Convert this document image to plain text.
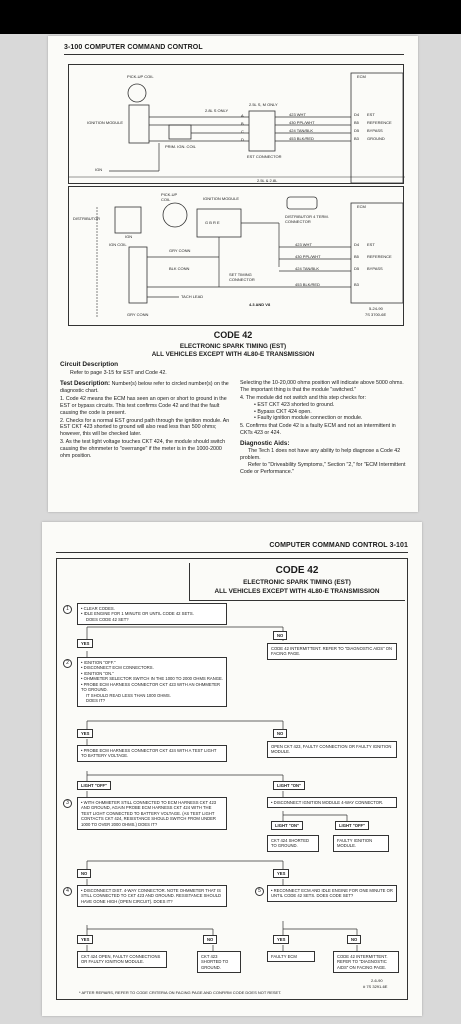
3-100 COMPUTER COMMAND CONTROL
PICK-UP COIL	ECM
2.5L S, M ONLY
2.8L S ONLY
IGNITION MODULE
PRIM. IGN. COIL
IGN
EST CONNECTOR
A
B
C
D
423 WHT
430 PPL/WHT
424 TAN/BLK
453 BLK/RED
D4
B5
D5
B3
EST
REFERENCE
BYPASS
GROUND
2.5L & 2.8L
DISTRIBUTOR
PICK-UP COIL	IGNITION MODULE
G B R E
IGN
IGN COIL
GRY CONN
BLK CONN
TACH LEAD
GRY CONN
SET TIMING CONNECTOR
DISTRIBUTOR 4 TERM. CONNECTOR
ECM
423 WHT
430 PPL/WHT
424 TAN/BLK
453 BLK/RED
D4
B5
D5
B3
EST
REFERENCE
BYPASS
4.3 AND V8
5-24-90
7S 3700-6E
CODE 42
ELECTRONIC SPARK TIMING (EST)
ALL VEHICLES EXCEPT WITH 4L80-E TRANSMISSION
Circuit Description
Refer to page 3-15 for EST and Code 42.
Test Description: Number(s) below refer to circled number(s) on the diagnostic chart.
1. Code 42 means the ECM has seen an open or short to ground in the EST or bypass circuits. This test confirms Code 42 and that the fault causing the code is present.
2. Checks for a normal EST ground path through the ignition module. An EST CKT 423 shorted to ground will also read less than 500 ohms; however, this will be checked later.
3. As the test light voltage touches CKT 424, the module should switch causing the ohmmeter to "overrange" if the meter is in the 1000-2000 ohm position.
Selecting the 10-20,000 ohms position will indicate above 5000 ohms. The important thing is that the module "switched."
4. The module did not switch and this step checks for:
• EST CKT 423 shorted to ground.
• Bypass CKT 424 open.
• Faulty ignition module connection or module.
5. Confirms that Code 42 is a faulty ECM and not an intermittent in CKTs 423 or 424.
Diagnostic Aids:
The Tech 1 does not have any ability to help diagnose a Code 42 problem.
Refer to "Driveability Symptoms," Section "2," for "ECM Intermittent Code or Performance."
COMPUTER COMMAND CONTROL 3-101
CODE 42
ELECTRONIC SPARK TIMING (EST)
ALL VEHICLES EXCEPT WITH 4L80-E TRANSMISSION
1	• CLEAR CODES.
• IDLE ENGINE FOR 1 MINUTE OR UNTIL CODE 42 SETS.
DOES CODE 42 SET?
YES
NO
CODE 42 INTERMITTENT. REFER TO "DIAGNOSTIC AIDS" ON FACING PAGE.
2	• IGNITION "OFF."
• DISCONNECT ECM CONNECTORS.
• IGNITION "ON."
• OHMMETER SELECTOR SWITCH IN THE 1000 TO 2000 OHMS RANGE.
• PROBE ECM HARNESS CONNECTOR CKT 423 WITH AN OHMMETER TO GROUND.
IT SHOULD READ LESS THAN 1000 OHMS.
DOES IT?
YES	NO
• PROBE ECM HARNESS CONNECTOR CKT 424 WITH A TEST LIGHT TO BATTERY VOLTAGE.
OPEN CKT 423, FAULTY CONNECTION OR FAULTY IGNITION MODULE.
LIGHT "OFF"	LIGHT "ON"
3	• WITH OHMMETER STILL CONNECTED TO ECM HARNESS CKT 423 AND GROUND, AGAIN PROBE ECM HARNESS CKT 424 WITH THE TEST LIGHT CONNECTED TO BATTERY VOLTAGE. (AS TEST LIGHT CONTACTS CKT 424, RESISTANCE SHOULD SWITCH FROM UNDER 1000 TO OVER 2000 OHMS.) DOES IT?
• DISCONNECT IGNITION MODULE 4-WAY CONNECTOR.
LIGHT "ON"	LIGHT "OFF"
CKT 424 SHORTED TO GROUND.
FAULTY IGNITION MODULE.
NO	YES
4	• DISCONNECT DIST. 4-WAY CONNECTOR. NOTE OHMMETER THAT IS STILL CONNECTED TO CKT 423 AND GROUND. RESISTANCE SHOULD HAVE GONE HIGH (OPEN CIRCUIT). DOES IT?
5	• RECONNECT ECM AND IDLE ENGINE FOR ONE MINUTE OR UNTIL CODE 42 SETS. DOES CODE SET?
YES	NO	YES	NO
CKT 424 OPEN, FAULTY CONNECTIONS OR FAULTY IGNITION MODULE.
CKT 423 SHORTED TO GROUND.
FAULTY ECM	CODE 42 INTERMITTENT. REFER TO "DIAGNOSTIC AIDS" ON FACING PAGE.
2-6-90
# 7S 3291-6E
* AFTER REPAIRS, REFER TO CODE CRITERIA ON FACING PAGE AND CONFIRM CODE DOES NOT RESET.
